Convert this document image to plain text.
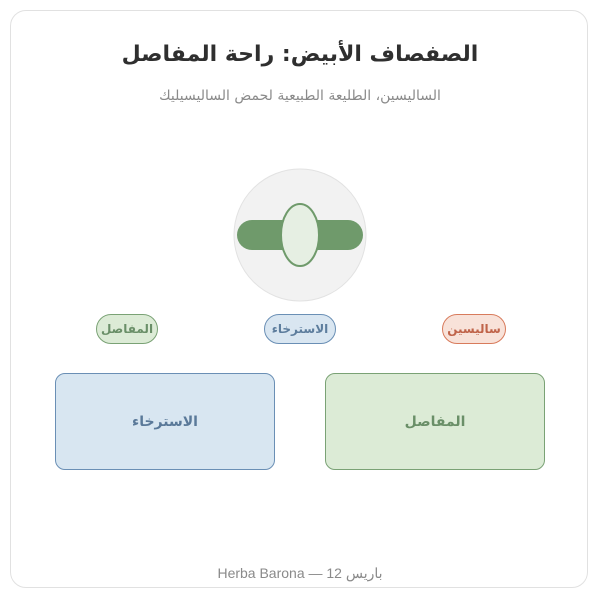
الصفصاف الأبيض: راحة المفاصل

الساليسين، الطليعة الطبيعية لحمض الساليسيليك

ساليسين
الاسترخاء
المفاصل
الاسترخاء	المفاصل
Herba Barona — 12 باريس
